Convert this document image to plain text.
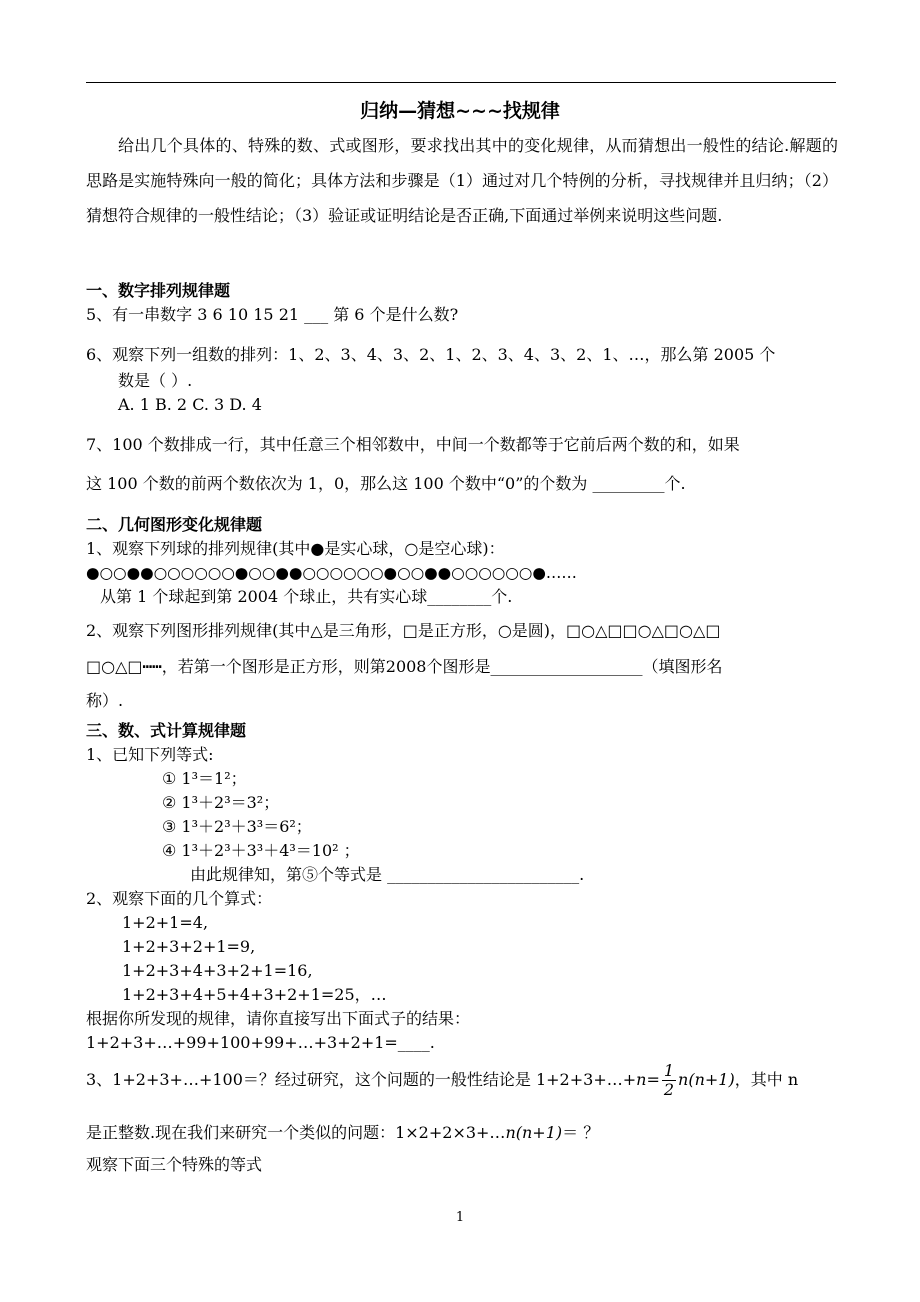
归纳—猜想~~~找规律
给出几个具体的、特殊的数、式或图形，要求找出其中的变化规律，从而猜想出一般性的结论.解题的思路是实施特殊向一般的简化；具体方法和步骤是（1）通过对几个特例的分析，寻找规律并且归纳；（2）猜想符合规律的一般性结论；（3）验证或证明结论是否正确,下面通过举例来说明这些问题.
一、数字排列规律题
5、有一串数字 3 6 10 15 21 ___ 第 6 个是什么数?
6、观察下列一组数的排列：1、2、3、4、3、2、1、2、3、4、3、2、1、…，那么第 2005 个
数是（ ）.
A. 1 B. 2 C. 3 D. 4
7、100 个数排成一行，其中任意三个相邻数中，中间一个数都等于它前后两个数的和，如果
这 100 个数的前两个数依次为 1，0，那么这 100 个数中“0”的个数为 _________个.
二、几何图形变化规律题
1、观察下列球的排列规律(其中●是实心球，○是空心球)：
●○○●●○○○○○○●○○●●○○○○○○●○○●●○○○○○○●……
从第 1 个球起到第 2004 个球止，共有实心球________个.
2、观察下列图形排列规律(其中△是三角形，□是正方形，○是圆)，□○△□□○△□○△□
□○△□┅┅，若第一个图形是正方形，则第2008个图形是___________________（填图形名
称）.
三、数、式计算规律题
1、已知下列等式:
① 1³＝1²；
② 1³＋2³＝3²；
③ 1³＋2³＋3³＝6²；
④ 1³＋2³＋3³＋4³＝10² ；
由此规律知，第⑤个等式是 ________________________.
2、观察下面的几个算式：
1+2+1=4,
1+2+3+2+1=9,
1+2+3+4+3+2+1=16,
1+2+3+4+5+4+3+2+1=25，…
根据你所发现的规律，请你直接写出下面式子的结果：
1+2+3+…+99+100+99+…+3+2+1=____.
3、1+2+3+…+100＝？经过研究，这个问题的一般性结论是 1+2+3+…+n= $\frac{1}{2} n(n+1)$，其中 n
是正整数.现在我们来研究一个类似的问题：1×2+2×3+…n(n+1)＝ ？
观察下面三个特殊的等式
1
